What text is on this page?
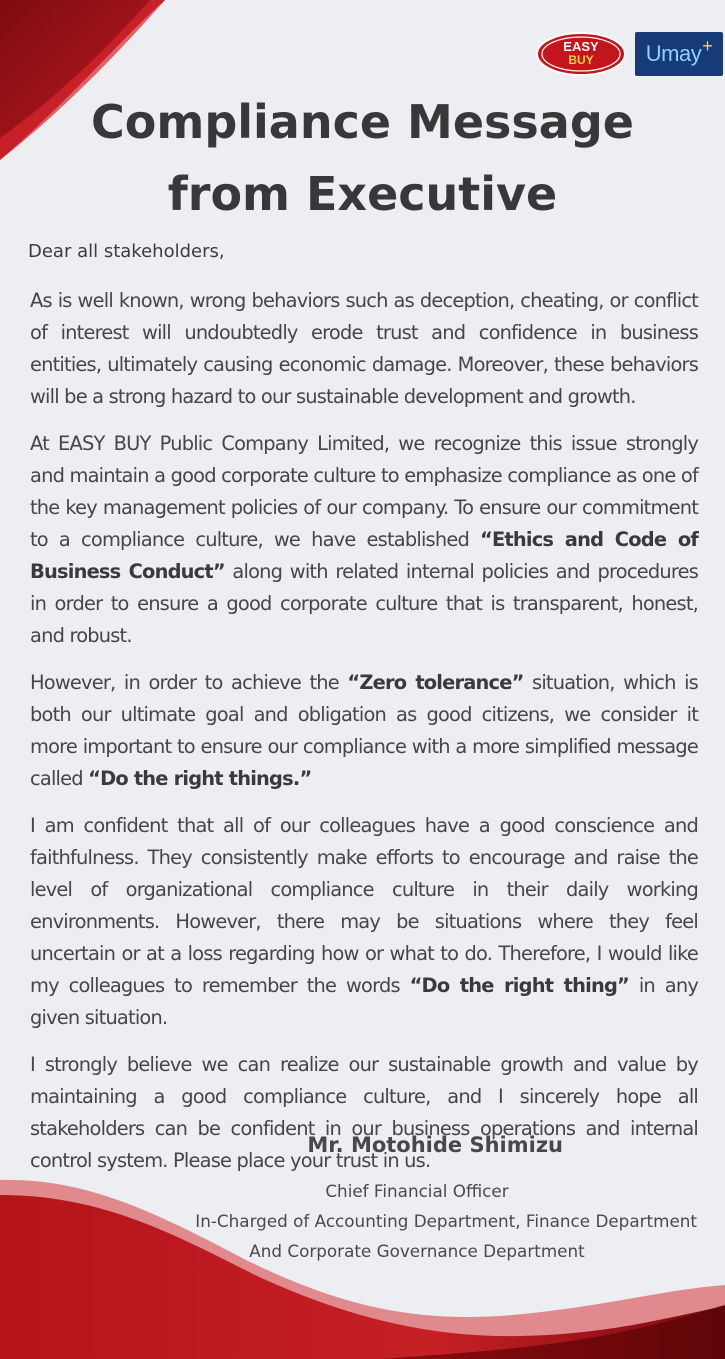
EASY
BUY Umay +
Compliance Message
from Executive

Dear all stakeholders,

As is well known, wrong behaviors such as deception, cheating, or conflict of interest will undoubtedly erode trust and confidence in business entities, ultimately causing economic damage. Moreover, these behaviors will be a strong hazard to our sustainable development and growth.

At EASY BUY Public Company Limited, we recognize this issue strongly and maintain a good corporate culture to emphasize compliance as one of the key management policies of our company. To ensure our commitment to a compliance culture, we have established “Ethics and Code of Business Conduct” along with related internal policies and procedures in order to ensure a good corporate culture that is transparent, honest, and robust.

However, in order to achieve the “Zero tolerance” situation, which is both our ultimate goal and obligation as good citizens, we consider it more important to ensure our compliance with a more simplified message called “Do the right things.”

I am confident that all of our colleagues have a good conscience and faithfulness. They consistently make efforts to encourage and raise the level of organizational compliance culture in their daily working environments. However, there may be situations where they feel uncertain or at a loss regarding how or what to do. Therefore, I would like my colleagues to remember the words “Do the right thing” in any given situation.

I strongly believe we can realize our sustainable growth and value by maintaining a good compliance culture, and I sincerely hope all stakeholders can be confident in our business operations and internal control system. Please place your trust in us.

Mr. Motohide Shimizu
Chief Financial Officer
In-Charged of Accounting Department, Finance Department
And Corporate Governance Department
